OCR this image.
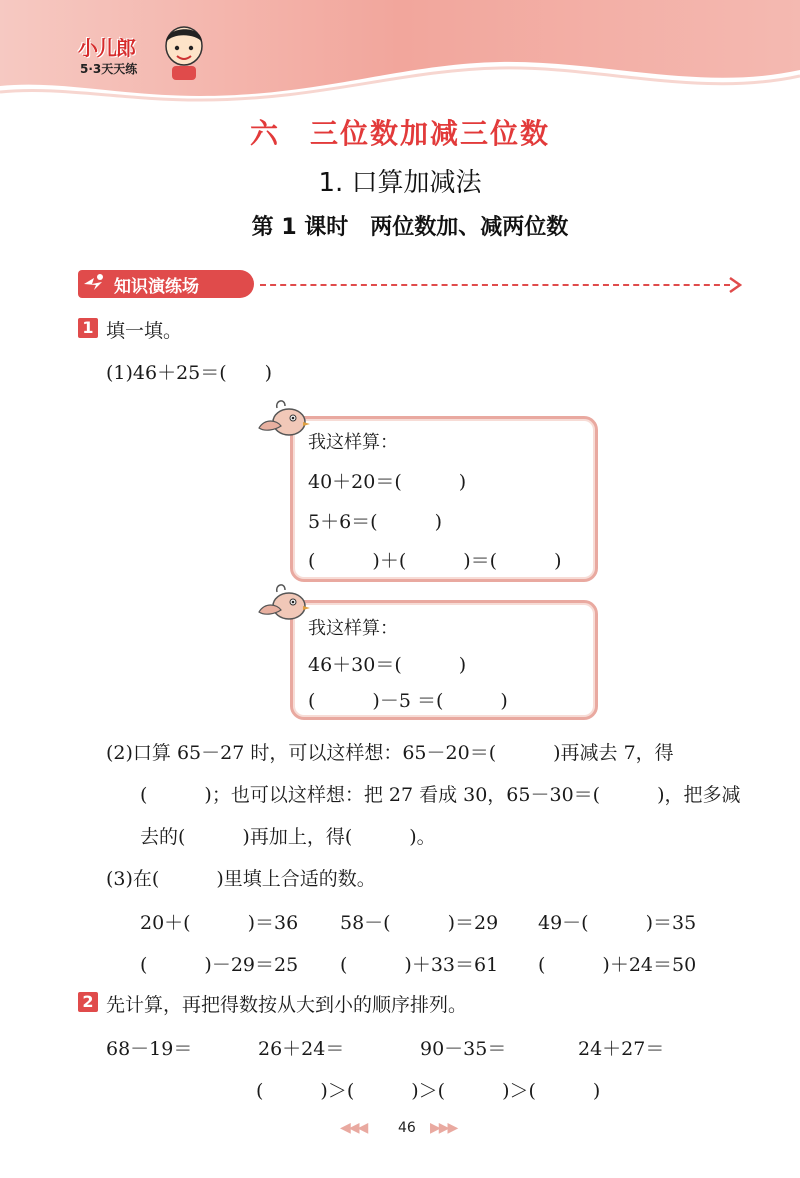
小儿郎
5·3天天练
六　三位数加减三位数
1. 口算加减法
第 1 课时　两位数加、减两位数
知识演练场
1 填一填。
(1)46＋25＝(　　)
我这样算：
40＋20＝(　　　)
5＋6＝(　　　)
(　　　)＋(　　　)＝(　　　)
我这样算：
46＋30＝(　　　)
(　　　)－5 ＝(　　　)
(2)口算 65－27 时，可以这样想：65－20＝(　　　)再减去 7，得
(　　　)；也可以这样想：把 27 看成 30，65－30＝(　　　)，把多减
去的(　　　)再加上，得(　　　)。
(3)在(　　　)里填上合适的数。
20＋(　　　)＝36 58－(　　　)＝29 49－(　　　)＝35
(　　　)－29＝25 (　　　)＋33＝61 (　　　)＋24＝50
2 先计算，再把得数按从大到小的顺序排列。
68－19＝	26＋24＝	90－35＝	24＋27＝
(　　　)＞(　　　)＞(　　　)＞(　　　)
◀◀◀ 46 ▶▶▶
